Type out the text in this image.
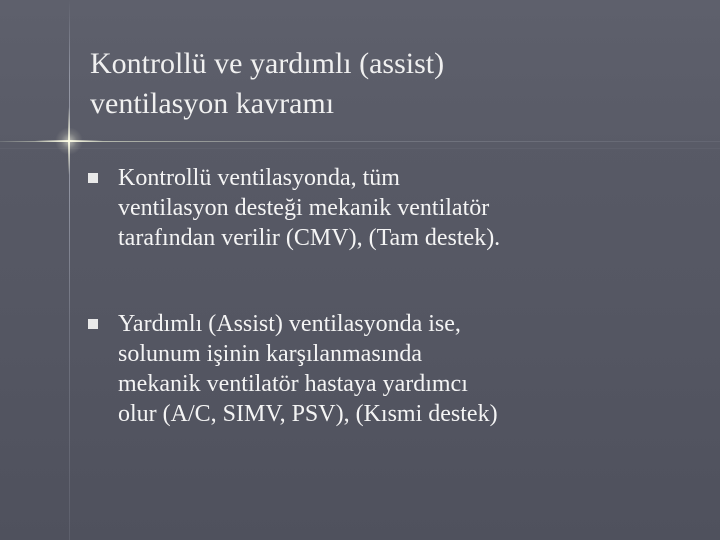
Kontrollü ve yardımlı (assist)
ventilasyon kavramı
Kontrollü ventilasyonda, tüm
ventilasyon desteği mekanik ventilatör
tarafından verilir (CMV), (Tam destek).
Yardımlı (Assist) ventilasyonda ise,
solunum işinin karşılanmasında
mekanik ventilatör hastaya yardımcı
olur (A/C, SIMV, PSV), (Kısmi destek)
